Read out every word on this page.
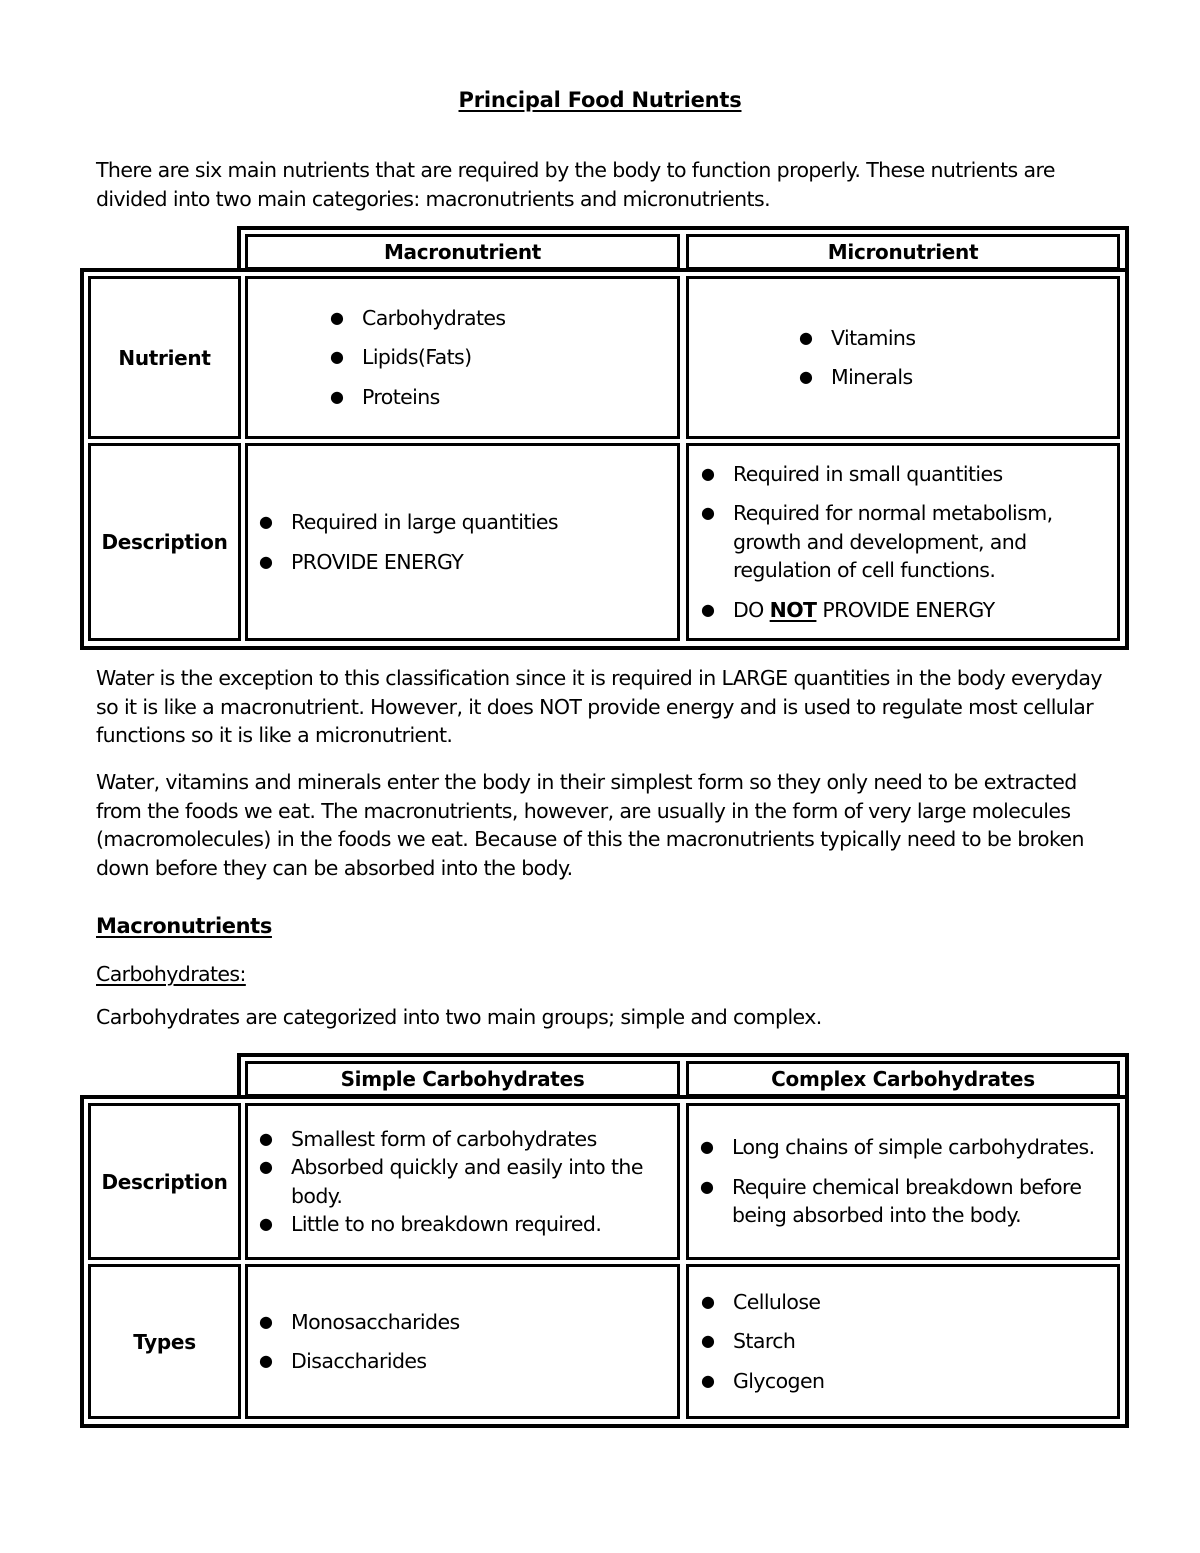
Principal Food Nutrients

There are six main nutrients that are required by the body to function properly. These nutrients are divided into two main categories: macronutrients and micronutrients.

Macronutrient	Micronutrient
Nutrient
● Carbohydrates
● Lipids(Fats)
● Proteins
● Vitamins
● Minerals
Description
● Required in large quantities
● PROVIDE ENERGY
● Required in small quantities
● Required for normal metabolism, growth and development, and regulation of cell functions.
● DO NOT PROVIDE ENERGY

Water is the exception to this classification since it is required in LARGE quantities in the body everyday so it is like a macronutrient. However, it does NOT provide energy and is used to regulate most cellular functions so it is like a micronutrient.

Water, vitamins and minerals enter the body in their simplest form so they only need to be extracted from the foods we eat. The macronutrients, however, are usually in the form of very large molecules (macromolecules) in the foods we eat. Because of this the macronutrients typically need to be broken down before they can be absorbed into the body.

Macronutrients
Carbohydrates:

Carbohydrates are categorized into two main groups; simple and complex.

Simple Carbohydrates	Complex Carbohydrates
Description
● Smallest form of carbohydrates
● Absorbed quickly and easily into the body.
● Little to no breakdown required.
● Long chains of simple carbohydrates.
● Require chemical breakdown before being absorbed into the body.
Types
● Monosaccharides
● Disaccharides
● Cellulose
● Starch
● Glycogen
